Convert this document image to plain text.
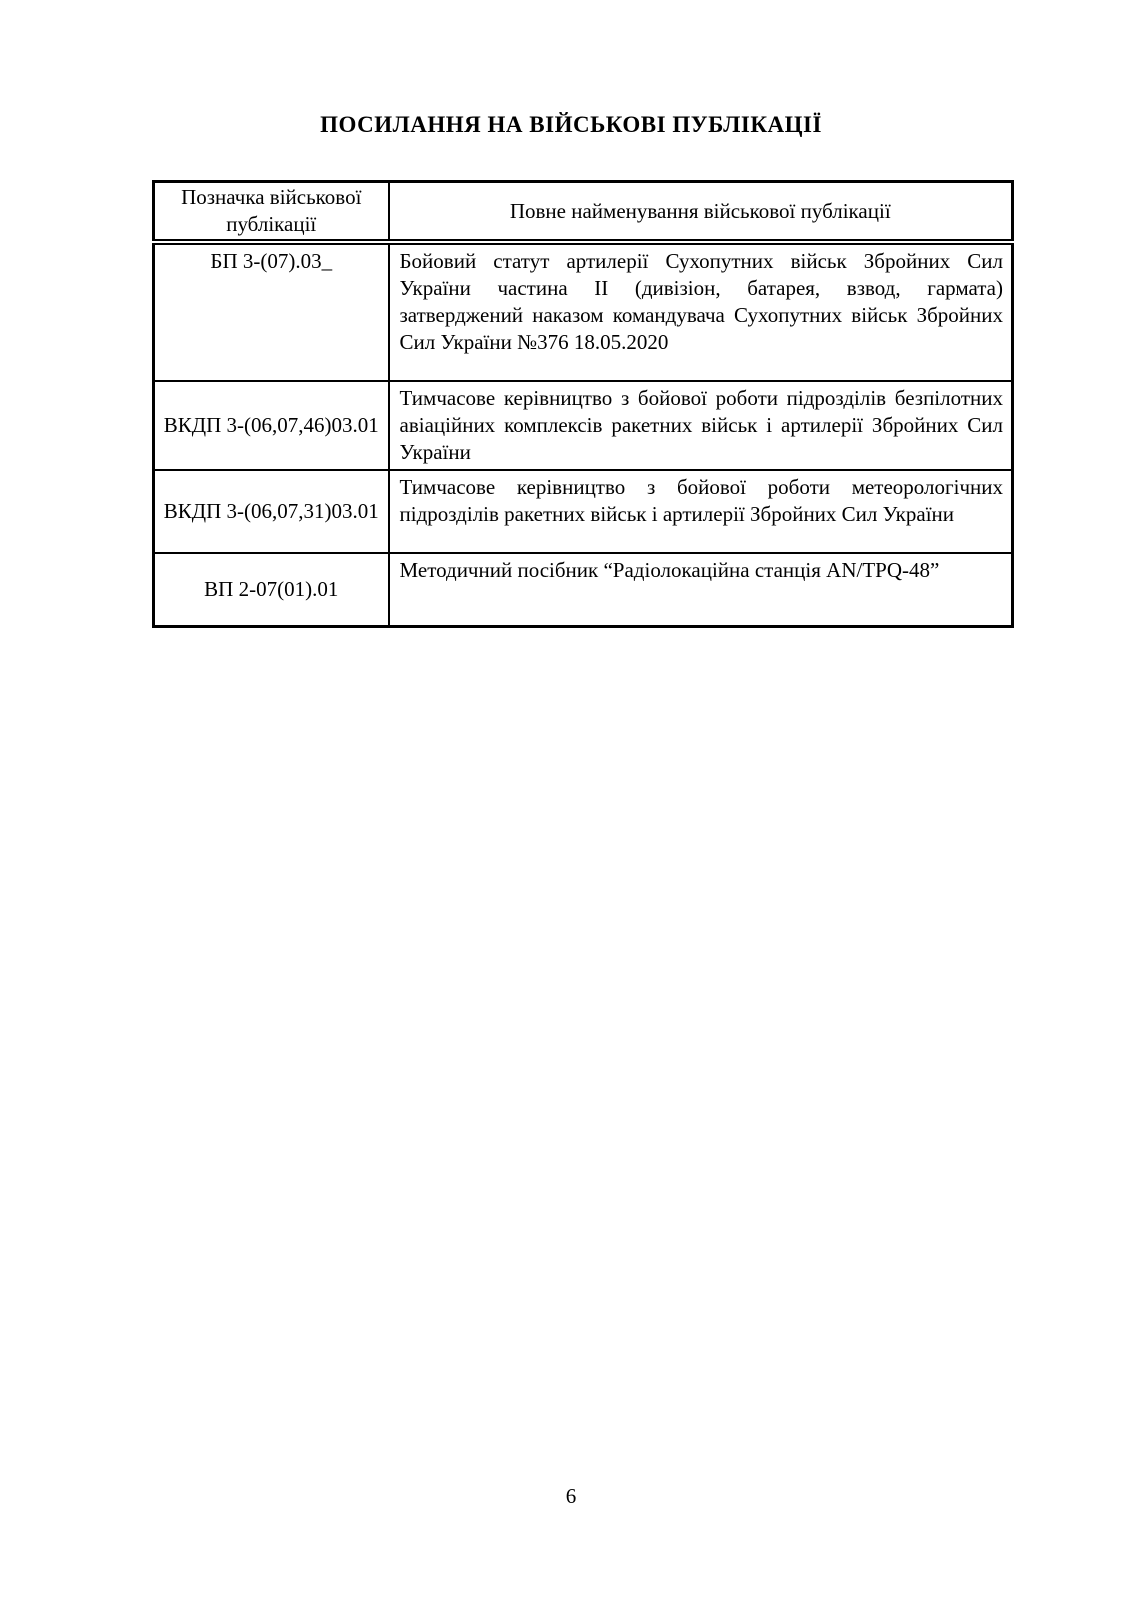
ПОСИЛАННЯ НА ВІЙСЬКОВІ ПУБЛІКАЦІЇ
Позначка військової публікації	Повне найменування військової публікації
БП 3-(07).03_	Бойовий статут артилерії Сухопутних військ Збройних Сил України частина II (дивізіон, батарея, взвод, гармата) затверджений наказом командувача Сухопутних військ Збройних Сил України №376 18.05.2020
ВКДП 3-(06,07,46)03.01	Тимчасове керівництво з бойової роботи підрозділів безпілотних авіаційних комплексів ракетних військ і артилерії Збройних Сил України
ВКДП 3-(06,07,31)03.01	Тимчасове керівництво з бойової роботи метеорологічних підрозділів ракетних військ і артилерії Збройних Сил України
ВП 2-07(01).01	Методичний посібник “Радіолокаційна станція AN/TPQ-48”
6
